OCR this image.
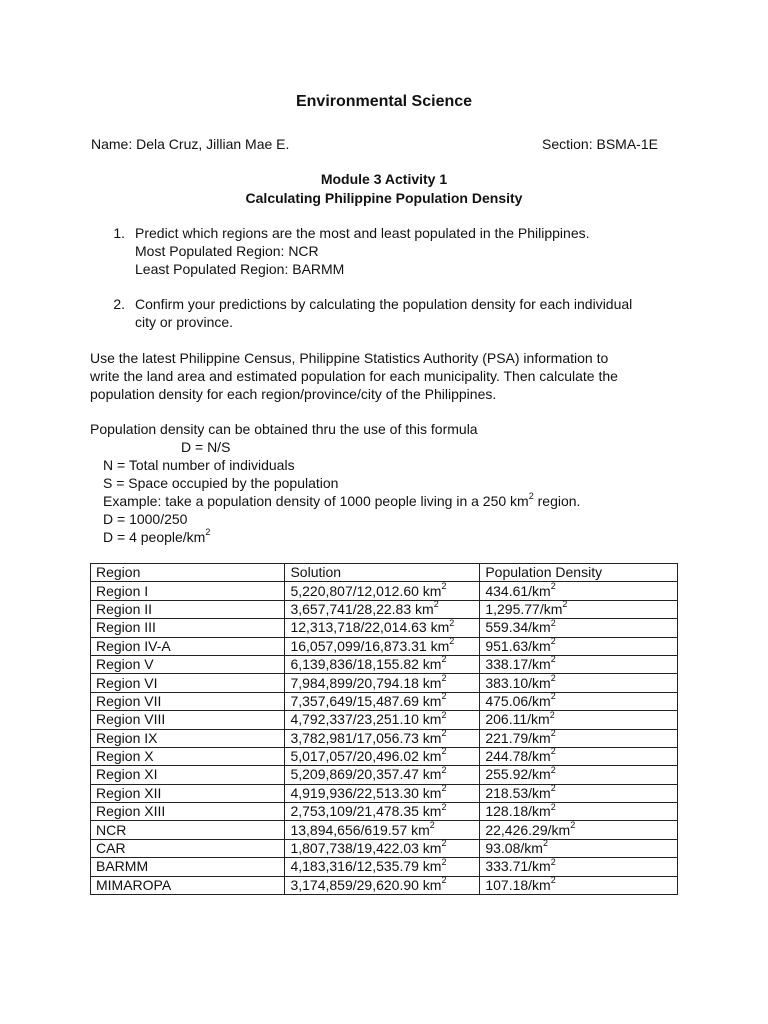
Environmental Science
Name: Dela Cruz, Jillian Mae E.	Section: BSMA-1E
Module 3 Activity 1
Calculating Philippine Population Density
1. Predict which regions are the most and least populated in the Philippines.
Most Populated Region: NCR
Least Populated Region: BARMM
2. Confirm your predictions by calculating the population density for each individual
city or province.
Use the latest Philippine Census, Philippine Statistics Authority (PSA) information to
write the land area and estimated population for each municipality. Then calculate the
population density for each region/province/city of the Philippines.
Population density can be obtained thru the use of this formula
D = N/S
N = Total number of individuals
S = Space occupied by the population
Example: take a population density of 1000 people living in a 250 $km^2$ region.
D = 1000/250
D = 4 people/$km^2$
Region	Solution	Population Density
Region I	5,220,807/12,012.60 $km^2$	$434.61/km^2$
Region II	3,657,741/28,22.83 $km^2$	$1,295.77/km^2$
Region III	12,313,718/22,014.63 $km^2$	$559.34/km^2$
Region IV-A	16,057,099/16,873.31 $km^2$	$951.63/km^2$
Region V	6,139,836/18,155.82 $km^2$	$338.17/km^2$
Region VI	7,984,899/20,794.18 $km^2$	$383.10/km^2$
Region VII	7,357,649/15,487.69 $km^2$	$475.06/km^2$
Region VIII	4,792,337/23,251.10 $km^2$	$206.11/km^2$
Region IX	3,782,981/17,056.73 $km^2$	$221.79/km^2$
Region X	5,017,057/20,496.02 $km^2$	$244.78/km^2$
Region XI	5,209,869/20,357.47 $km^2$	$255.92/km^2$
Region XII	4,919,936/22,513.30 $km^2$	$218.53/km^2$
Region XIII	2,753,109/21,478.35 $km^2$	$128.18/km^2$
NCR	13,894,656/619.57 $km^2$	$22,426.29/km^2$
CAR	1,807,738/19,422.03 $km^2$	$93.08/km^2$
BARMM	4,183,316/12,535.79 $km^2$	$333.71/km^2$
MIMAROPA	3,174,859/29,620.90 $km^2$	$107.18/km^2$
